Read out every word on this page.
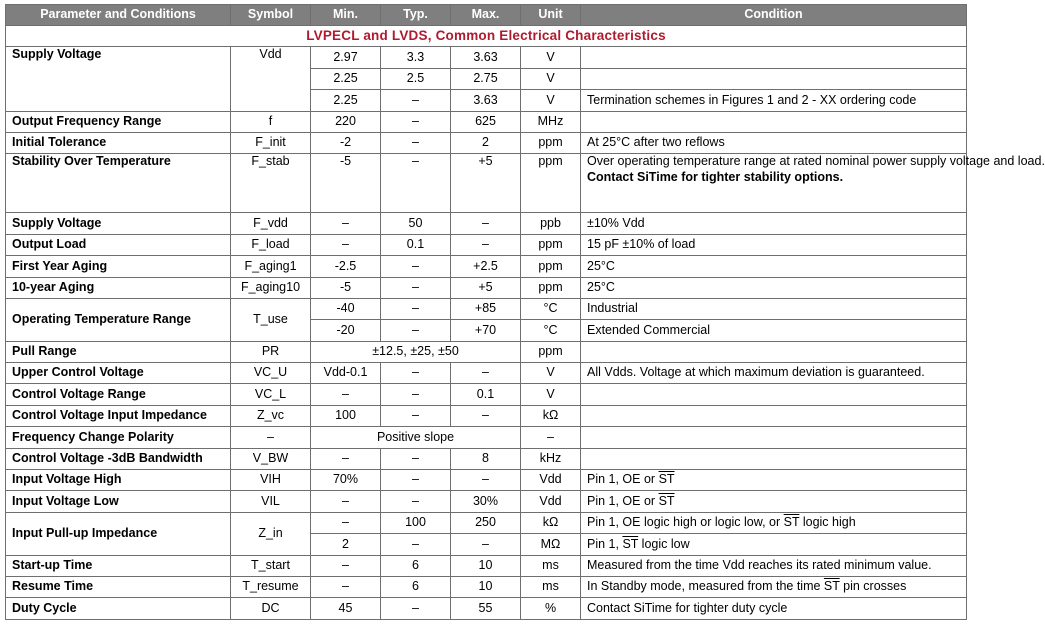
Parameter and Conditions	Symbol	Min.	Typ.	Max.	Unit	Condition
LVPECL and LVDS, Common Electrical Characteristics						
Supply Voltage	Vdd	2.97	3.3	3.63	V	
		2.25	2.5	2.75	V	
		2.25	–	3.63	V	Termination schemes in Figures 1 and 2 - XX ordering code
Output Frequency Range	f	220	–	625	MHz	
Initial Tolerance	F_init	-2	–	2	ppm	At 25°C after two reflows
Stability Over Temperature	F_stab	-5	–	+5	ppm	Over operating temperature range at rated nominal power supply voltage and load.
Contact SiTime for tighter stability options.

Supply Voltage	F_vdd	–	50	–	ppb	±10% Vdd
Output Load	F_load	–	0.1	–	ppm	15 pF ±10% of load
First Year Aging	F_aging1	-2.5	–	+2.5	ppm	25°C
10-year Aging	F_aging10	-5	–	+5	ppm	25°C
Operating Temperature Range	T_use	-40	–	+85	°C	Industrial
		-20	–	+70	°C	Extended Commercial
Pull Range	PR	±12.5, ±25, ±50			ppm	
Upper Control Voltage	VC_U	Vdd-0.1	–	–	V	All Vdds. Voltage at which maximum deviation is guaranteed.
Control Voltage Range	VC_L	–	–	0.1	V	
Control Voltage Input Impedance	Z_vc	100	–	–	kΩ	
Frequency Change Polarity	–	Positive slope			–	
Control Voltage -3dB Bandwidth	V_BW	–	–	8	kHz	
Input Voltage High	VIH	70%	–	–	Vdd	Pin 1, OE or $\overline{ST}$
Input Voltage Low	VIL	–	–	30%	Vdd	Pin 1, OE or $\overline{ST}$
Input Pull-up Impedance	Z_in	–	100	250	kΩ	Pin 1, OE logic high or logic low, or $\overline{ST}$ logic high
		2	–	–	MΩ	Pin 1, $\overline{ST}$ logic low
Start-up Time	T_start	–	6	10	ms	Measured from the time Vdd reaches its rated minimum value.
Resume Time	T_resume	–	6	10	ms	In Standby mode, measured from the time $\overline{ST}$ pin crosses
Duty Cycle	DC	45	–	55	%	Contact SiTime for tighter duty cycle
